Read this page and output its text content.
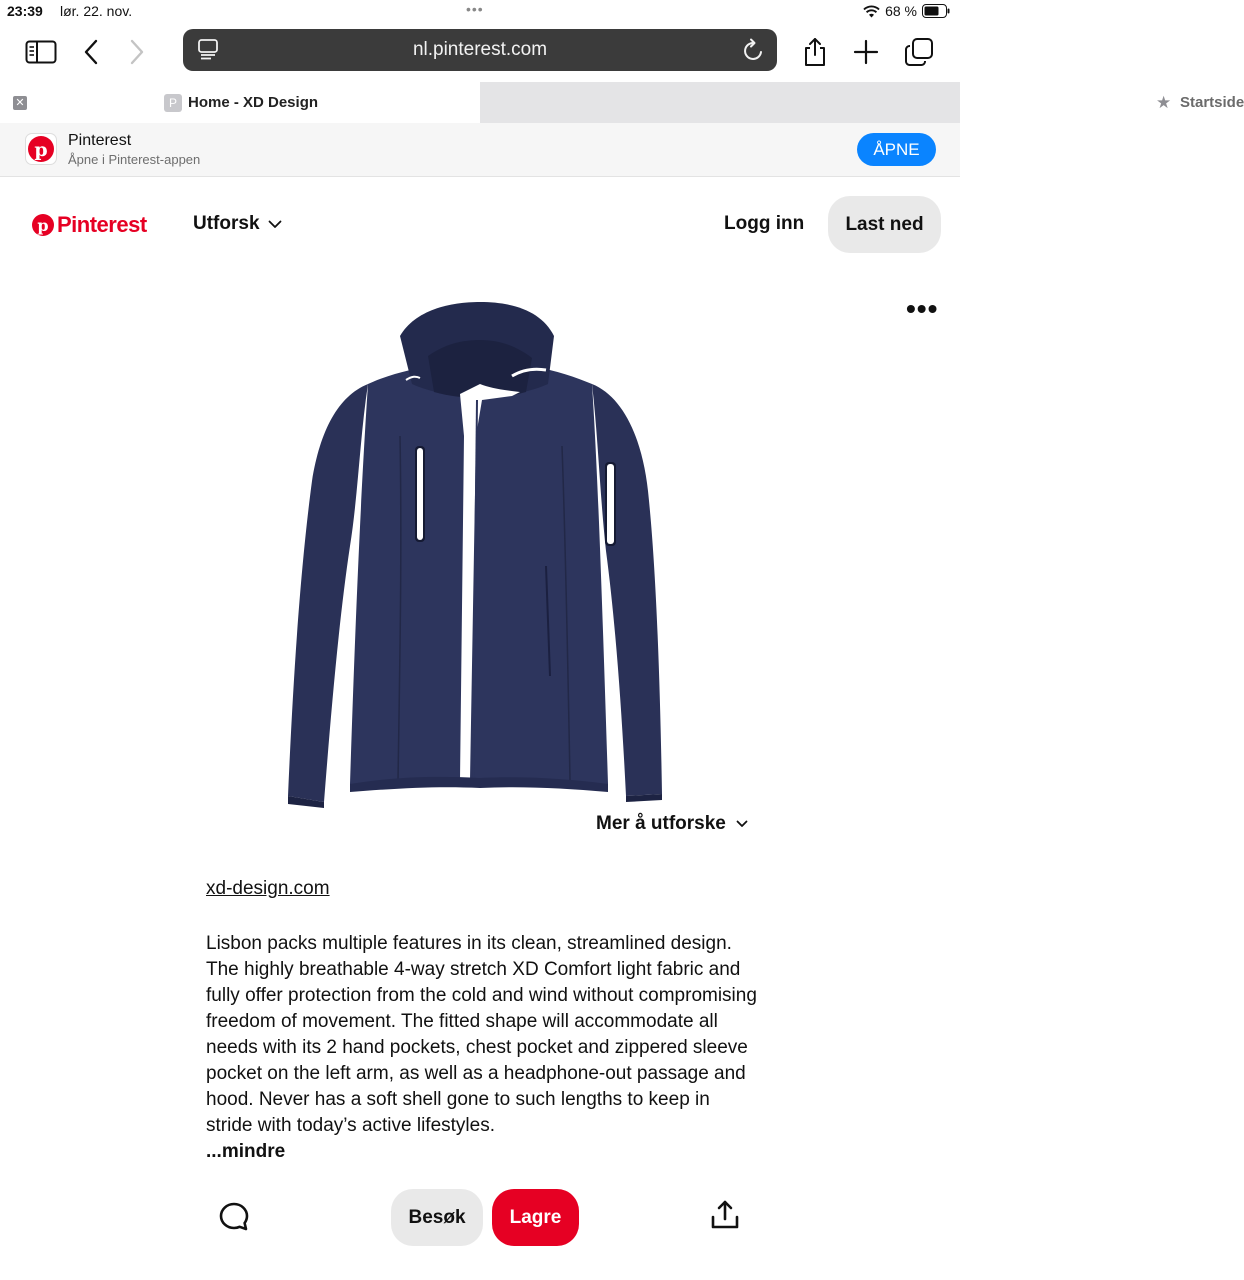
23:39 lør. 22. nov.	•••	68 %
nl.pinterest.com
✕	P Home - XD Design	★ Startside
p Pinterest
Åpne i Pinterest-appen
ÅPNE
p Pinterest Utforsk	Logg inn	Last ned
•••
Mer å utforske
xd-design.com

Lisbon packs multiple features in its clean, streamlined design. The highly breathable 4-way stretch XD Comfort light fabric and fully offer protection from the cold and wind without compromising freedom of movement. The fitted shape will accommodate all needs with its 2 hand pockets, chest pocket and zippered sleeve pocket on the left arm, as well as a headphone-out passage and hood. Never has a soft shell gone to such lengths to keep in stride with today’s active lifestyles.

...mindre
Besøk	Lagre
